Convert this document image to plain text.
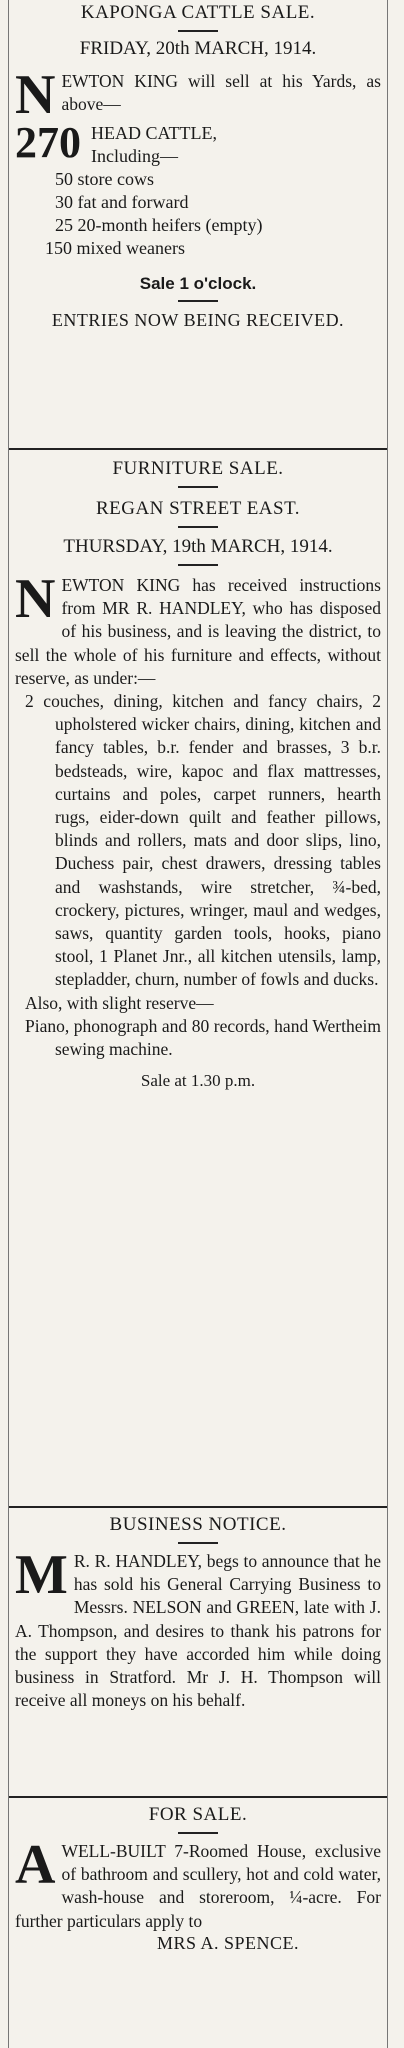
KAPONGA CATTLE SALE.
FRIDAY, 20th MARCH, 1914.
N EWTON KING will sell at his Yards, as above—
270 HEAD CATTLE,
Including—
50 store cows
30 fat and forward
25 20-month heifers (empty)
150 mixed weaners
Sale 1 o'clock.
ENTRIES NOW BEING RECEIVED.
FURNITURE SALE.
REGAN STREET EAST.
THURSDAY, 19th MARCH, 1914.
N EWTON KING has received instructions from MR R. HANDLEY, who has disposed of his business, and is leaving the district, to sell the whole of his furniture and effects, without reserve, as under:—
2 couches, dining, kitchen and fancy chairs, 2 upholstered wicker chairs, dining, kitchen and fancy tables, b.r. fender and brasses, 3 b.r. bedsteads, wire, kapoc and flax mattresses, curtains and poles, carpet runners, hearth rugs, eider-down quilt and feather pillows, blinds and rollers, mats and door slips, lino, Duchess pair, chest drawers, dressing tables and washstands, wire stretcher, ¾-bed, crockery, pictures, wringer, maul and wedges, saws, quantity garden tools, hooks, piano stool, 1 Planet Jnr., all kitchen utensils, lamp, stepladder, churn, number of fowls and ducks.
Also, with slight reserve—
Piano, phonograph and 80 records, hand Wertheim sewing machine.
Sale at 1.30 p.m.
BUSINESS NOTICE.
M R. R. HANDLEY, begs to announce that he has sold his General Carrying Business to Messrs. NELSON and GREEN, late with J. A. Thompson, and desires to thank his patrons for the support they have accorded him while doing business in Stratford. Mr J. H. Thompson will receive all moneys on his behalf.
FOR SALE.
A WELL-BUILT 7-Roomed House, exclusive of bathroom and scullery, hot and cold water, wash-house and storeroom, ¼-acre. For further particulars apply to
MRS A. SPENCE.
